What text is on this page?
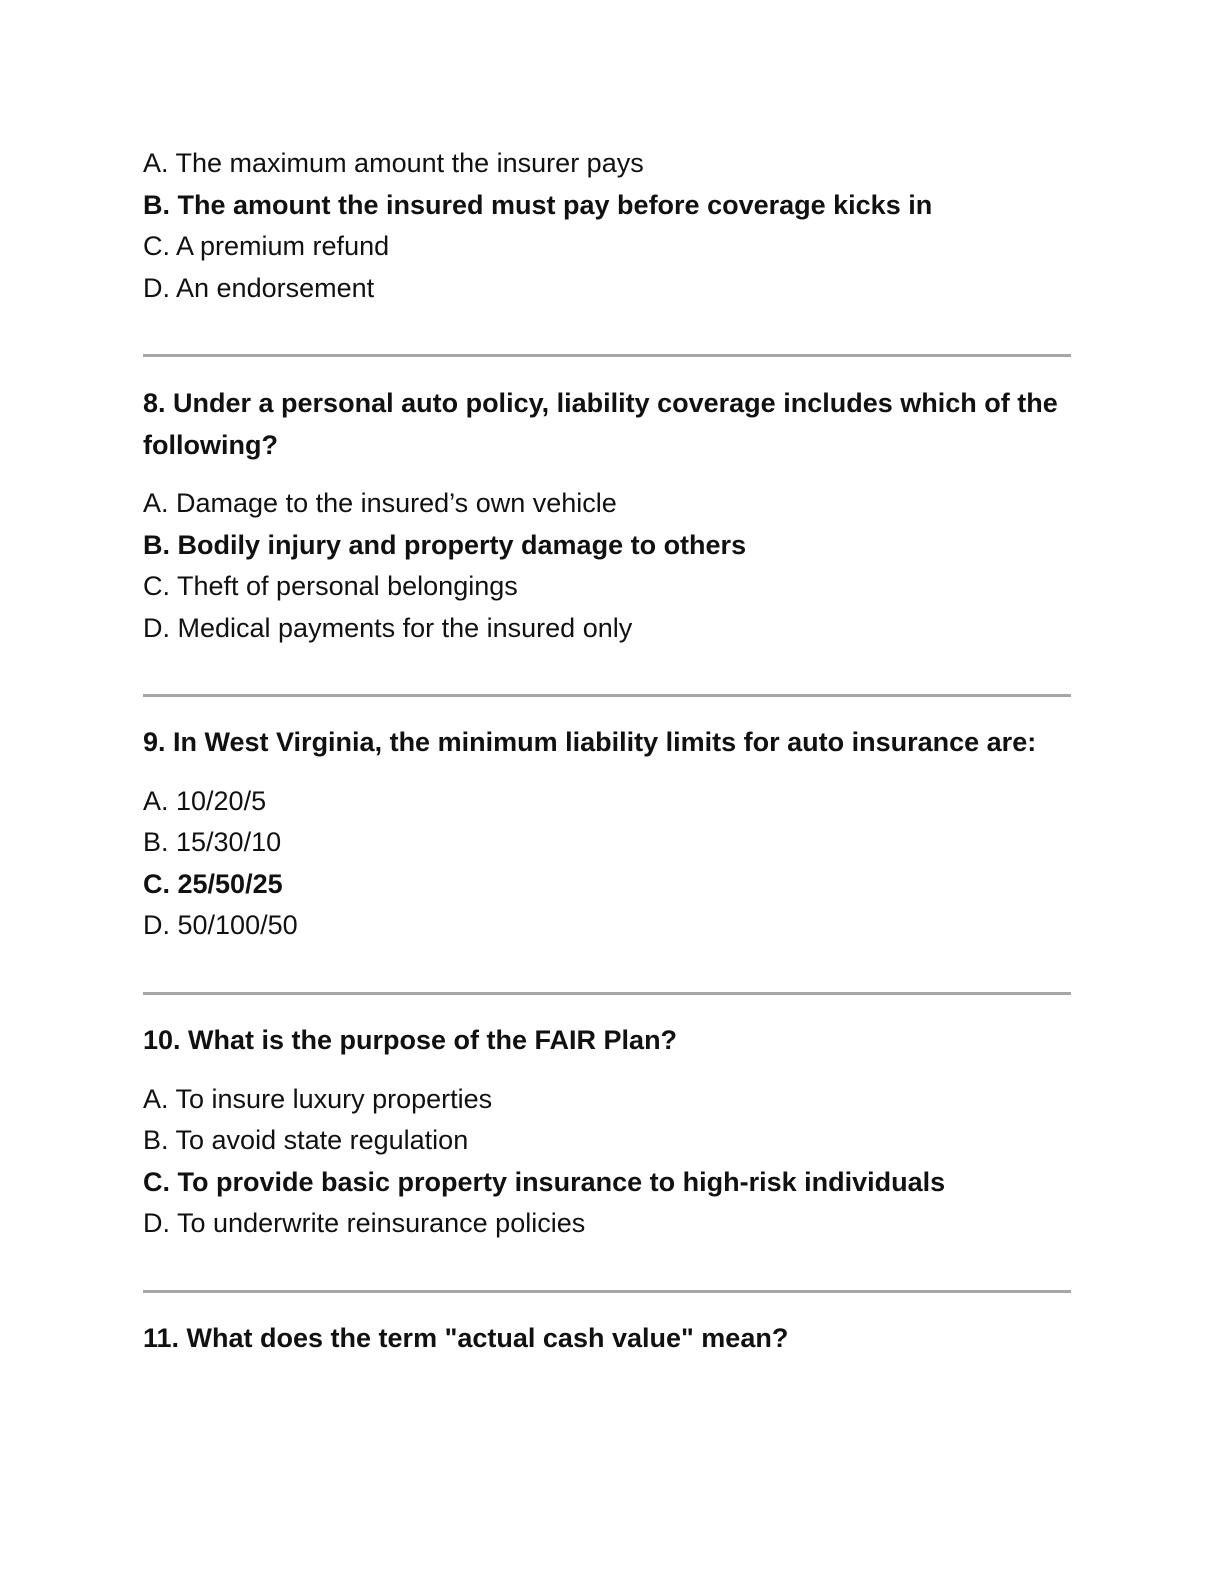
A. The maximum amount the insurer pays
B. The amount the insured must pay before coverage kicks in
C. A premium refund
D. An endorsement
8. Under a personal auto policy, liability coverage includes which of the following?
A. Damage to the insured’s own vehicle
B. Bodily injury and property damage to others
C. Theft of personal belongings
D. Medical payments for the insured only
9. In West Virginia, the minimum liability limits for auto insurance are:
A. 10/20/5
B. 15/30/10
C. 25/50/25
D. 50/100/50
10. What is the purpose of the FAIR Plan?
A. To insure luxury properties
B. To avoid state regulation
C. To provide basic property insurance to high-risk individuals
D. To underwrite reinsurance policies
11. What does the term "actual cash value" mean?
